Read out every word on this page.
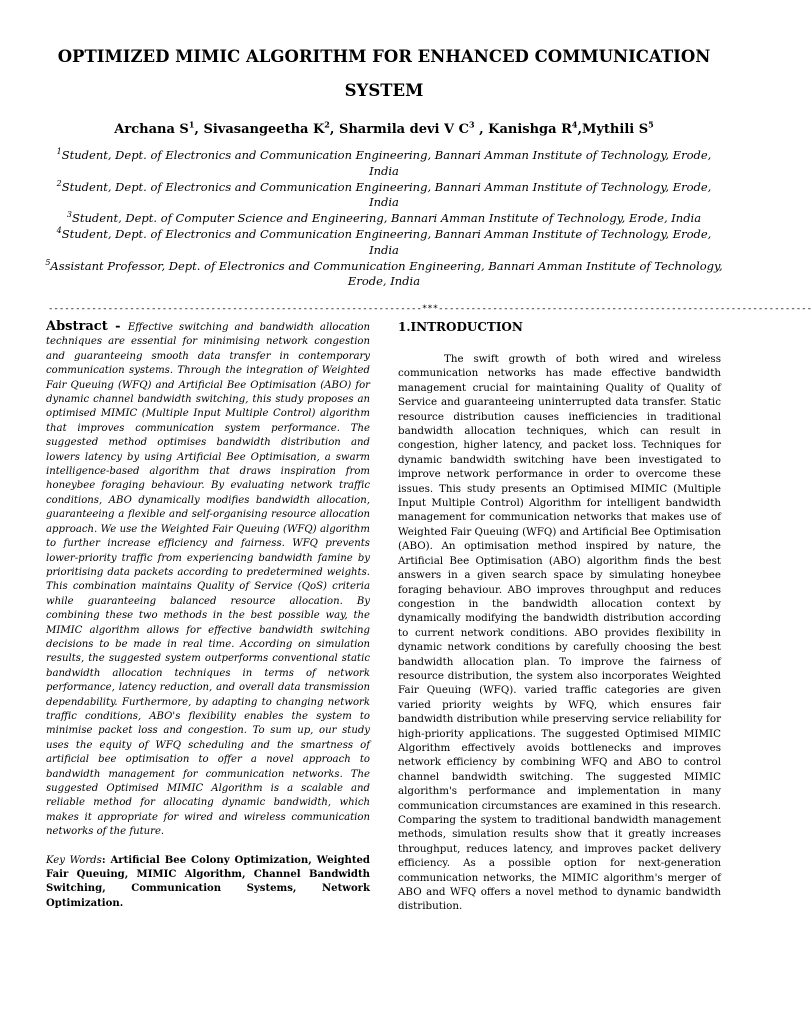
OPTIMIZED MIMIC ALGORITHM FOR ENHANCED COMMUNICATION SYSTEM
Archana $S^1$, Sivasangeetha $K^2$, Sharmila devi V $C^3$ , Kanishga $R^4,Mythili$ $S^5$

$^1$Student, Dept. of Electronics and Communication Engineering, Bannari Amman Institute of Technology, Erode, India

$^2$Student, Dept. of Electronics and Communication Engineering, Bannari Amman Institute of Technology, Erode, India

$^3$Student, Dept. of Computer Science and Engineering, Bannari Amman Institute of Technology, Erode, India

$^4$Student, Dept. of Electronics and Communication Engineering, Bannari Amman Institute of Technology, Erode, India

$^5$Assistant Professor, Dept. of Electronics and Communication Engineering, Bannari Amman Institute of Technology, Erode, India

---------------------------------------------------------------------***---------------------------------------------------------------------

Abstract - Effective switching and bandwidth allocation techniques are essential for minimising network congestion and guaranteeing smooth data transfer in contemporary communication systems. Through the integration of Weighted Fair Queuing (WFQ) and Artificial Bee Optimisation (ABO) for dynamic channel bandwidth switching, this study proposes an optimised MIMIC (Multiple Input Multiple Control) algorithm that improves communication system performance. The suggested method optimises bandwidth distribution and lowers latency by using Artificial Bee Optimisation, a swarm intelligence-based algorithm that draws inspiration from honeybee foraging behaviour. By evaluating network traffic conditions, ABO dynamically modifies bandwidth allocation, guaranteeing a flexible and self-organising resource allocation approach. We use the Weighted Fair Queuing (WFQ) algorithm to further increase efficiency and fairness. WFQ prevents lower-priority traffic from experiencing bandwidth famine by prioritising data packets according to predetermined weights. This combination maintains Quality of Service (QoS) criteria while guaranteeing balanced resource allocation. By combining these two methods in the best possible way, the MIMIC algorithm allows for effective bandwidth switching decisions to be made in real time. According on simulation results, the suggested system outperforms conventional static bandwidth allocation techniques in terms of network performance, latency reduction, and overall data transmission dependability. Furthermore, by adapting to changing network traffic conditions, ABO's flexibility enables the system to minimise packet loss and congestion. To sum up, our study uses the equity of WFQ scheduling and the smartness of artificial bee optimisation to offer a novel approach to bandwidth management for communication networks. The suggested Optimised MIMIC Algorithm is a scalable and reliable method for allocating dynamic bandwidth, which makes it appropriate for wired and wireless communication networks of the future.

Key Words: Artificial Bee Colony Optimization, Weighted Fair Queuing, MIMIC Algorithm, Channel Bandwidth Switching, Communication Systems, Network Optimization.

1.INTRODUCTION

The swift growth of both wired and wireless communication networks has made effective bandwidth management crucial for maintaining Quality of Quality of Service and guaranteeing uninterrupted data transfer. Static resource distribution causes inefficiencies in traditional bandwidth allocation techniques, which can result in congestion, higher latency, and packet loss. Techniques for dynamic bandwidth switching have been investigated to improve network performance in order to overcome these issues. This study presents an Optimised MIMIC (Multiple Input Multiple Control) Algorithm for intelligent bandwidth management for communication networks that makes use of Weighted Fair Queuing (WFQ) and Artificial Bee Optimisation (ABO). An optimisation method inspired by nature, the Artificial Bee Optimisation (ABO) algorithm finds the best answers in a given search space by simulating honeybee foraging behaviour. ABO improves throughput and reduces congestion in the bandwidth allocation context by dynamically modifying the bandwidth distribution according to current network conditions. ABO provides flexibility in dynamic network conditions by carefully choosing the best bandwidth allocation plan. To improve the fairness of resource distribution, the system also incorporates Weighted Fair Queuing (WFQ). varied traffic categories are given varied priority weights by WFQ, which ensures fair bandwidth distribution while preserving service reliability for high-priority applications. The suggested Optimised MIMIC Algorithm effectively avoids bottlenecks and improves network efficiency by combining WFQ and ABO to control channel bandwidth switching. The suggested MIMIC algorithm's performance and implementation in many communication circumstances are examined in this research. Comparing the system to traditional bandwidth management methods, simulation results show that it greatly increases throughput, reduces latency, and improves packet delivery efficiency. As a possible option for next-generation communication networks, the MIMIC algorithm's merger of ABO and WFQ offers a novel method to dynamic bandwidth distribution.
